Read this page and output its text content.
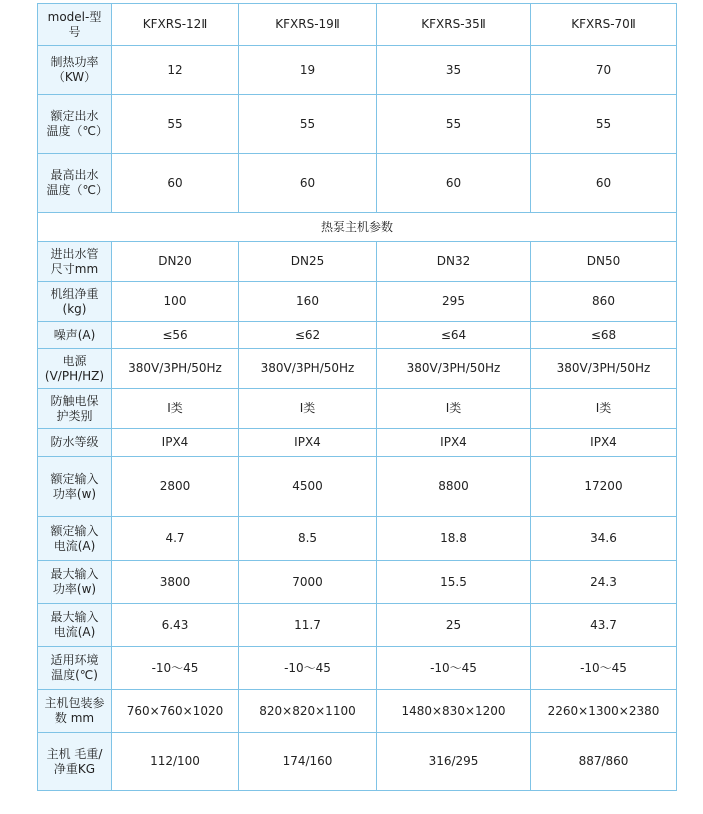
model-型号	KFXRS-12Ⅱ	KFXRS-19Ⅱ	KFXRS-35Ⅱ	KFXRS-70Ⅱ
制热功率（KW）	12	19	35	70
额定出水温度（℃）	55	55	55	55
最高出水温度（℃）	60	60	60	60
热泵主机参数				
进出水管尺寸mm	DN20	DN25	DN32	DN50
机组净重(kg)	100	160	295	860
噪声(A)	≤56	≤62	≤64	≤68
电源(V/PH/HZ)	380V/3PH/50Hz	380V/3PH/50Hz	380V/3PH/50Hz	380V/3PH/50Hz
防触电保护类别	Ⅰ类	Ⅰ类	Ⅰ类	Ⅰ类
防水等级	IPX4	IPX4	IPX4	IPX4
额定输入功率(w)	2800	4500	8800	17200
额定输入电流(A)	4.7	8.5	18.8	34.6
最大输入功率(w)	3800	7000	15.5	24.3
最大输入电流(A)	6.43	11.7	25	43.7
适用环境温度(℃)	-10～45	-10～45	-10～45	-10～45
主机包装参数 mm	760×760×1020	820×820×1100	1480×830×1200	2260×1300×2380
主机 毛重/净重KG	112/100	174/160	316/295	887/860
